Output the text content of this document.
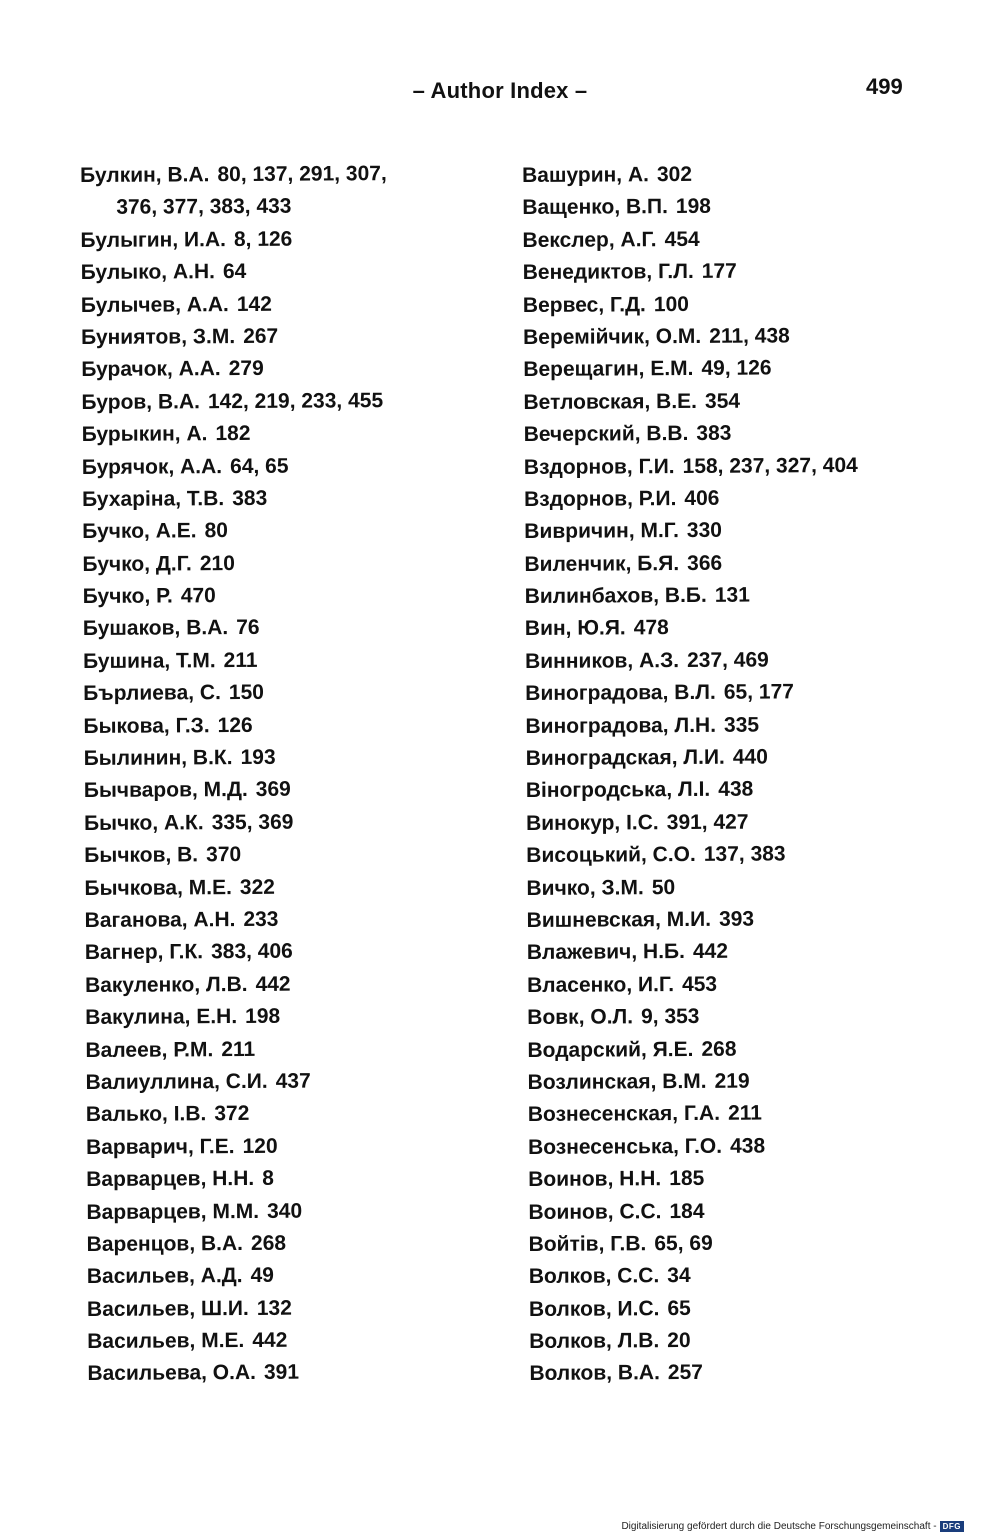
– Author Index –	499
Булкин, В.А. 80, 137, 291, 307,
376, 377, 383, 433
Булыгин, И.А. 8, 126
Булыко, А.Н. 64
Булычев, А.А. 142
Буниятов, З.М. 267
Бурачок, А.А. 279
Буров, В.А. 142, 219, 233, 455
Бурыкин, А. 182
Бурячок, А.А. 64, 65
Бухаріна, Т.В. 383
Бучко, А.Е. 80
Бучко, Д.Г. 210
Бучко, Р. 470
Бушаков, В.А. 76
Бушина, Т.М. 211
Бърлиева, С. 150
Быкова, Г.З. 126
Былинин, В.К. 193
Бычваров, М.Д. 369
Бычко, А.К. 335, 369
Бычков, В. 370
Бычкова, М.Е. 322
Ваганова, А.Н. 233
Вагнер, Г.К. 383, 406
Вакуленко, Л.В. 442
Вакулина, Е.Н. 198
Валеев, Р.М. 211
Валиуллина, С.И. 437
Валько, І.В. 372
Варварич, Г.Е. 120
Варварцев, Н.Н. 8
Варварцев, М.М. 340
Варенцов, В.А. 268
Васильев, А.Д. 49
Васильев, Ш.И. 132
Васильев, М.Е. 442
Васильева, О.А. 391
Вашурин, А. 302
Ващенко, В.П. 198
Векслер, А.Г. 454
Венедиктов, Г.Л. 177
Вервес, Г.Д. 100
Веремійчик, О.М. 211, 438
Верещагин, Е.М. 49, 126
Ветловская, В.Е. 354
Вечерский, В.В. 383
Вздорнов, Г.И. 158, 237, 327, 404
Вздорнов, Р.И. 406
Вивричин, М.Г. 330
Виленчик, Б.Я. 366
Вилинбахов, В.Б. 131
Вин, Ю.Я. 478
Винников, А.З. 237, 469
Виноградова, В.Л. 65, 177
Виноградова, Л.Н. 335
Виноградская, Л.И. 440
Віногродська, Л.І. 438
Винокур, І.С. 391, 427
Висоцький, С.О. 137, 383
Вичко, З.М. 50
Вишневская, М.И. 393
Влажевич, Н.Б. 442
Власенко, И.Г. 453
Вовк, О.Л. 9, 353
Водарский, Я.Е. 268
Возлинская, В.М. 219
Вознесенская, Г.А. 211
Вознесенська, Г.О. 438
Воинов, Н.Н. 185
Воинов, С.С. 184
Войтів, Г.В. 65, 69
Волков, С.С. 34
Волков, И.С. 65
Волков, Л.В. 20
Волков, В.А. 257
Digitalisierung gefördert durch die Deutsche Forschungsgemeinschaft - DFG
